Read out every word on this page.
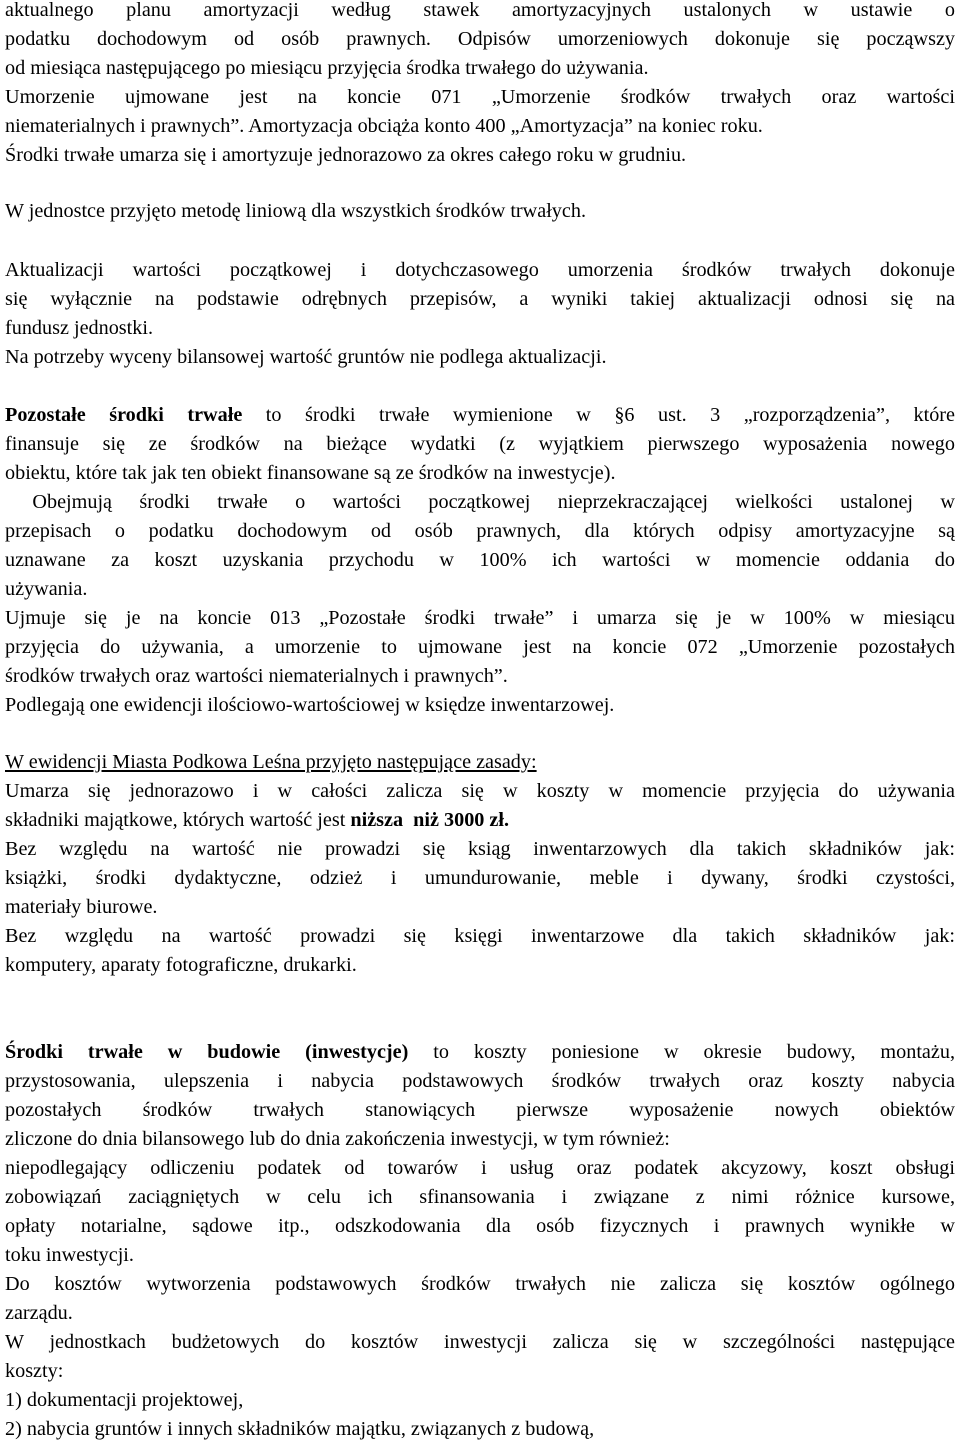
aktualnego planu amortyzacji według stawek amortyzacyjnych ustalonych w ustawie o
podatku dochodowym od osób prawnych. Odpisów umorzeniowych dokonuje się począwszy
od miesiąca następującego po miesiącu przyjęcia środka trwałego do używania.
Umorzenie ujmowane jest na koncie 071 „Umorzenie środków trwałych oraz wartości
niematerialnych i prawnych”. Amortyzacja obciąża konto 400 „Amortyzacja” na koniec roku.
Środki trwałe umarza się i amortyzuje jednorazowo za okres całego roku w grudniu.
W jednostce przyjęto metodę liniową dla wszystkich środków trwałych.
Aktualizacji wartości początkowej i dotychczasowego umorzenia środków trwałych dokonuje
się wyłącznie na podstawie odrębnych przepisów, a wyniki takiej aktualizacji odnosi się na
fundusz jednostki.
Na potrzeby wyceny bilansowej wartość gruntów nie podlega aktualizacji.
Pozostałe środki trwałe to środki trwałe wymienione w §6 ust. 3 „rozporządzenia”, które
finansuje się ze środków na bieżące wydatki (z wyjątkiem pierwszego wyposażenia nowego
obiektu, które tak jak ten obiekt finansowane są ze środków na inwestycje).
Obejmują środki trwałe o wartości początkowej nieprzekraczającej wielkości ustalonej w
przepisach o podatku dochodowym od osób prawnych, dla których odpisy amortyzacyjne są
uznawane za koszt uzyskania przychodu w 100% ich wartości w momencie oddania do
używania.
Ujmuje się je na koncie 013 „Pozostałe środki trwałe” i umarza się je w 100% w miesiącu
przyjęcia do używania, a umorzenie to ujmowane jest na koncie 072 „Umorzenie pozostałych
środków trwałych oraz wartości niematerialnych i prawnych”.
Podlegają one ewidencji ilościowo-wartościowej w księdze inwentarzowej.
W ewidencji Miasta Podkowa Leśna przyjęto następujące zasady:
Umarza się jednorazowo i w całości zalicza się w koszty w momencie przyjęcia do używania
składniki majątkowe, których wartość jest niższa  niż 3000 zł.
Bez względu na wartość nie prowadzi się ksiąg inwentarzowych dla takich składników jak:
książki, środki dydaktyczne, odzież i umundurowanie, meble i dywany, środki czystości,
materiały biurowe.
Bez względu na wartość prowadzi się księgi inwentarzowe dla takich składników jak:
komputery, aparaty fotograficzne, drukarki.
Środki trwałe w budowie (inwestycje) to koszty poniesione w okresie budowy, montażu,
przystosowania, ulepszenia i nabycia podstawowych środków trwałych oraz koszty nabycia
pozostałych środków trwałych stanowiących pierwsze wyposażenie nowych obiektów
zliczone do dnia bilansowego lub do dnia zakończenia inwestycji, w tym również:
niepodlegający odliczeniu podatek od towarów i usług oraz podatek akcyzowy, koszt obsługi
zobowiązań zaciągniętych w celu ich sfinansowania i związane z nimi różnice kursowe,
opłaty notarialne, sądowe itp., odszkodowania dla osób fizycznych i prawnych wynikłe w
toku inwestycji.
Do kosztów wytworzenia podstawowych środków trwałych nie zalicza się kosztów ogólnego
zarządu.
W jednostkach budżetowych do kosztów inwestycji zalicza się w szczególności następujące
koszty:
1) dokumentacji projektowej,
2) nabycia gruntów i innych składników majątku, związanych z budową,
